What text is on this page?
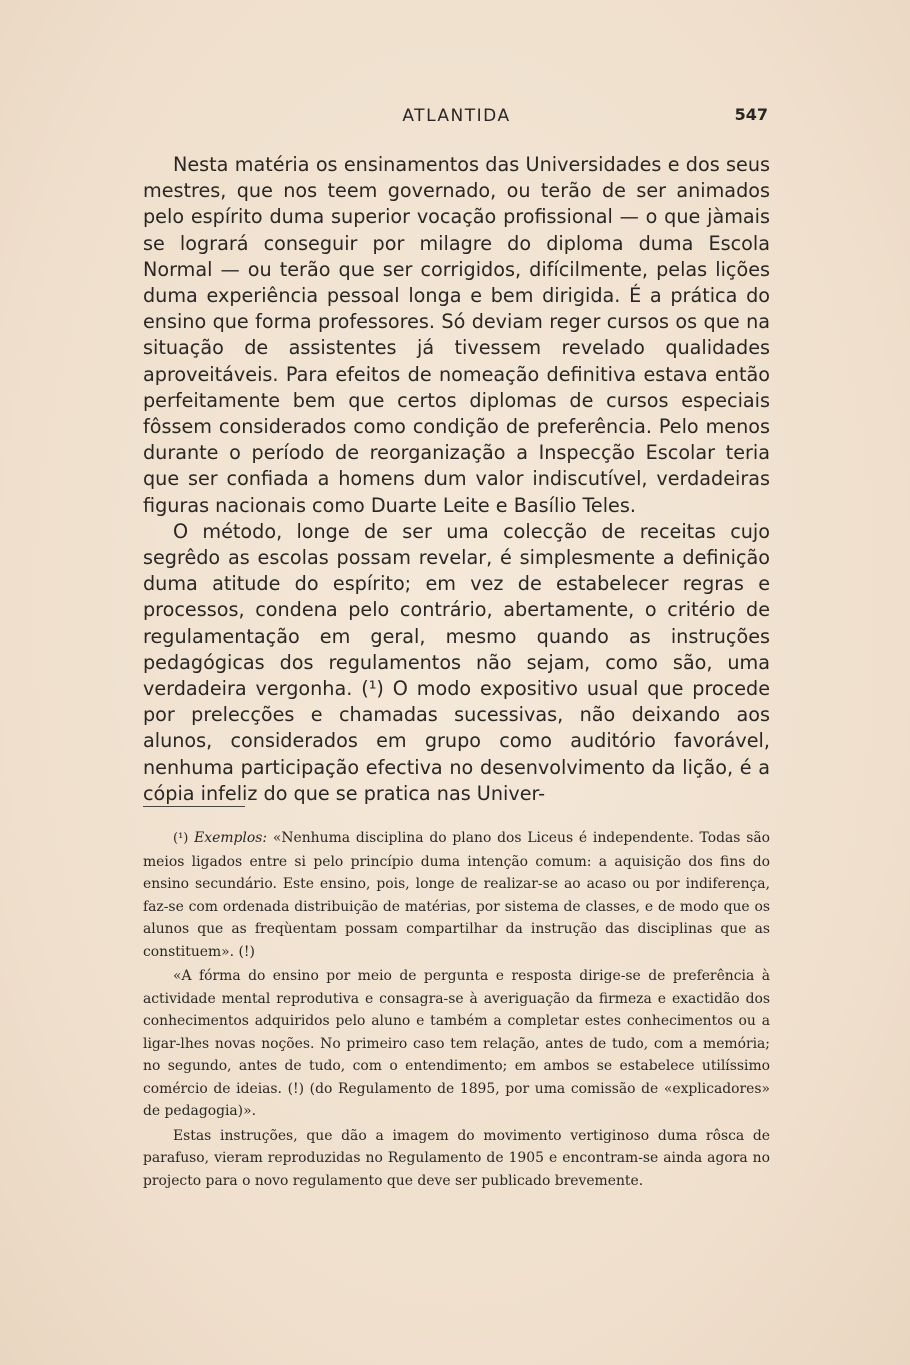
ATLANTIDA	547

Nesta matéria os ensinamentos das Universidades e dos seus mestres, que nos teem governado, ou terão de ser animados pelo espírito duma superior vocação profissional — o que jàmais se logrará conseguir por milagre do diploma duma Escola Normal — ou terão que ser corrigidos, difícilmente, pelas lições duma experiência pessoal longa e bem dirigida. É a prática do ensino que forma professores. Só deviam reger cursos os que na situação de assistentes já tivessem revelado qualidades aproveitáveis. Para efeitos de nomeação definitiva estava então perfeitamente bem que certos diplomas de cursos especiais fôssem considerados como condição de preferência. Pelo menos durante o período de reorganização a Inspecção Escolar teria que ser confiada a homens dum valor indiscutível, verdadeiras figuras nacionais como Duarte Leite e Basílio Teles.

O método, longe de ser uma colecção de receitas cujo segrêdo as escolas possam revelar, é simplesmente a definição duma atitude do espírito; em vez de estabelecer regras e processos, condena pelo contrário, abertamente, o critério de regulamentação em geral, mesmo quando as instruções pedagógicas dos regulamentos não sejam, como são, uma verdadeira vergonha. (¹) O modo expositivo usual que procede por prelecções e chamadas sucessivas, não deixando aos alunos, considerados em grupo como auditório favorável, nenhuma participação efectiva no desenvolvimento da lição, é a cópia infeliz do que se pratica nas Univer-

(¹) Exemplos: «Nenhuma disciplina do plano dos Liceus é independente. Todas são meios ligados entre si pelo princípio duma intenção comum: a aquisição dos fins do ensino secundário. Este ensino, pois, longe de realizar-se ao acaso ou por indiferença, faz-se com ordenada distribuição de matérias, por sistema de classes, e de modo que os alunos que as freqùentam possam compartilhar da instrução das disciplinas que as constituem». (!)

«A fórma do ensino por meio de pergunta e resposta dirige-se de preferência à actividade mental reprodutiva e consagra-se à averiguação da firmeza e exactidão dos conhecimentos adquiridos pelo aluno e também a completar estes conhecimentos ou a ligar-lhes novas noções. No primeiro caso tem relação, antes de tudo, com a memória; no segundo, antes de tudo, com o entendimento; em ambos se estabelece utilíssimo comércio de ideias. (!) (do Regulamento de 1895, por uma comissão de «explicadores» de pedagogia)».

Estas instruções, que dão a imagem do movimento vertiginoso duma rôsca de parafuso, vieram reproduzidas no Regulamento de 1905 e encontram-se ainda agora no projecto para o novo regulamento que deve ser publicado brevemente.
